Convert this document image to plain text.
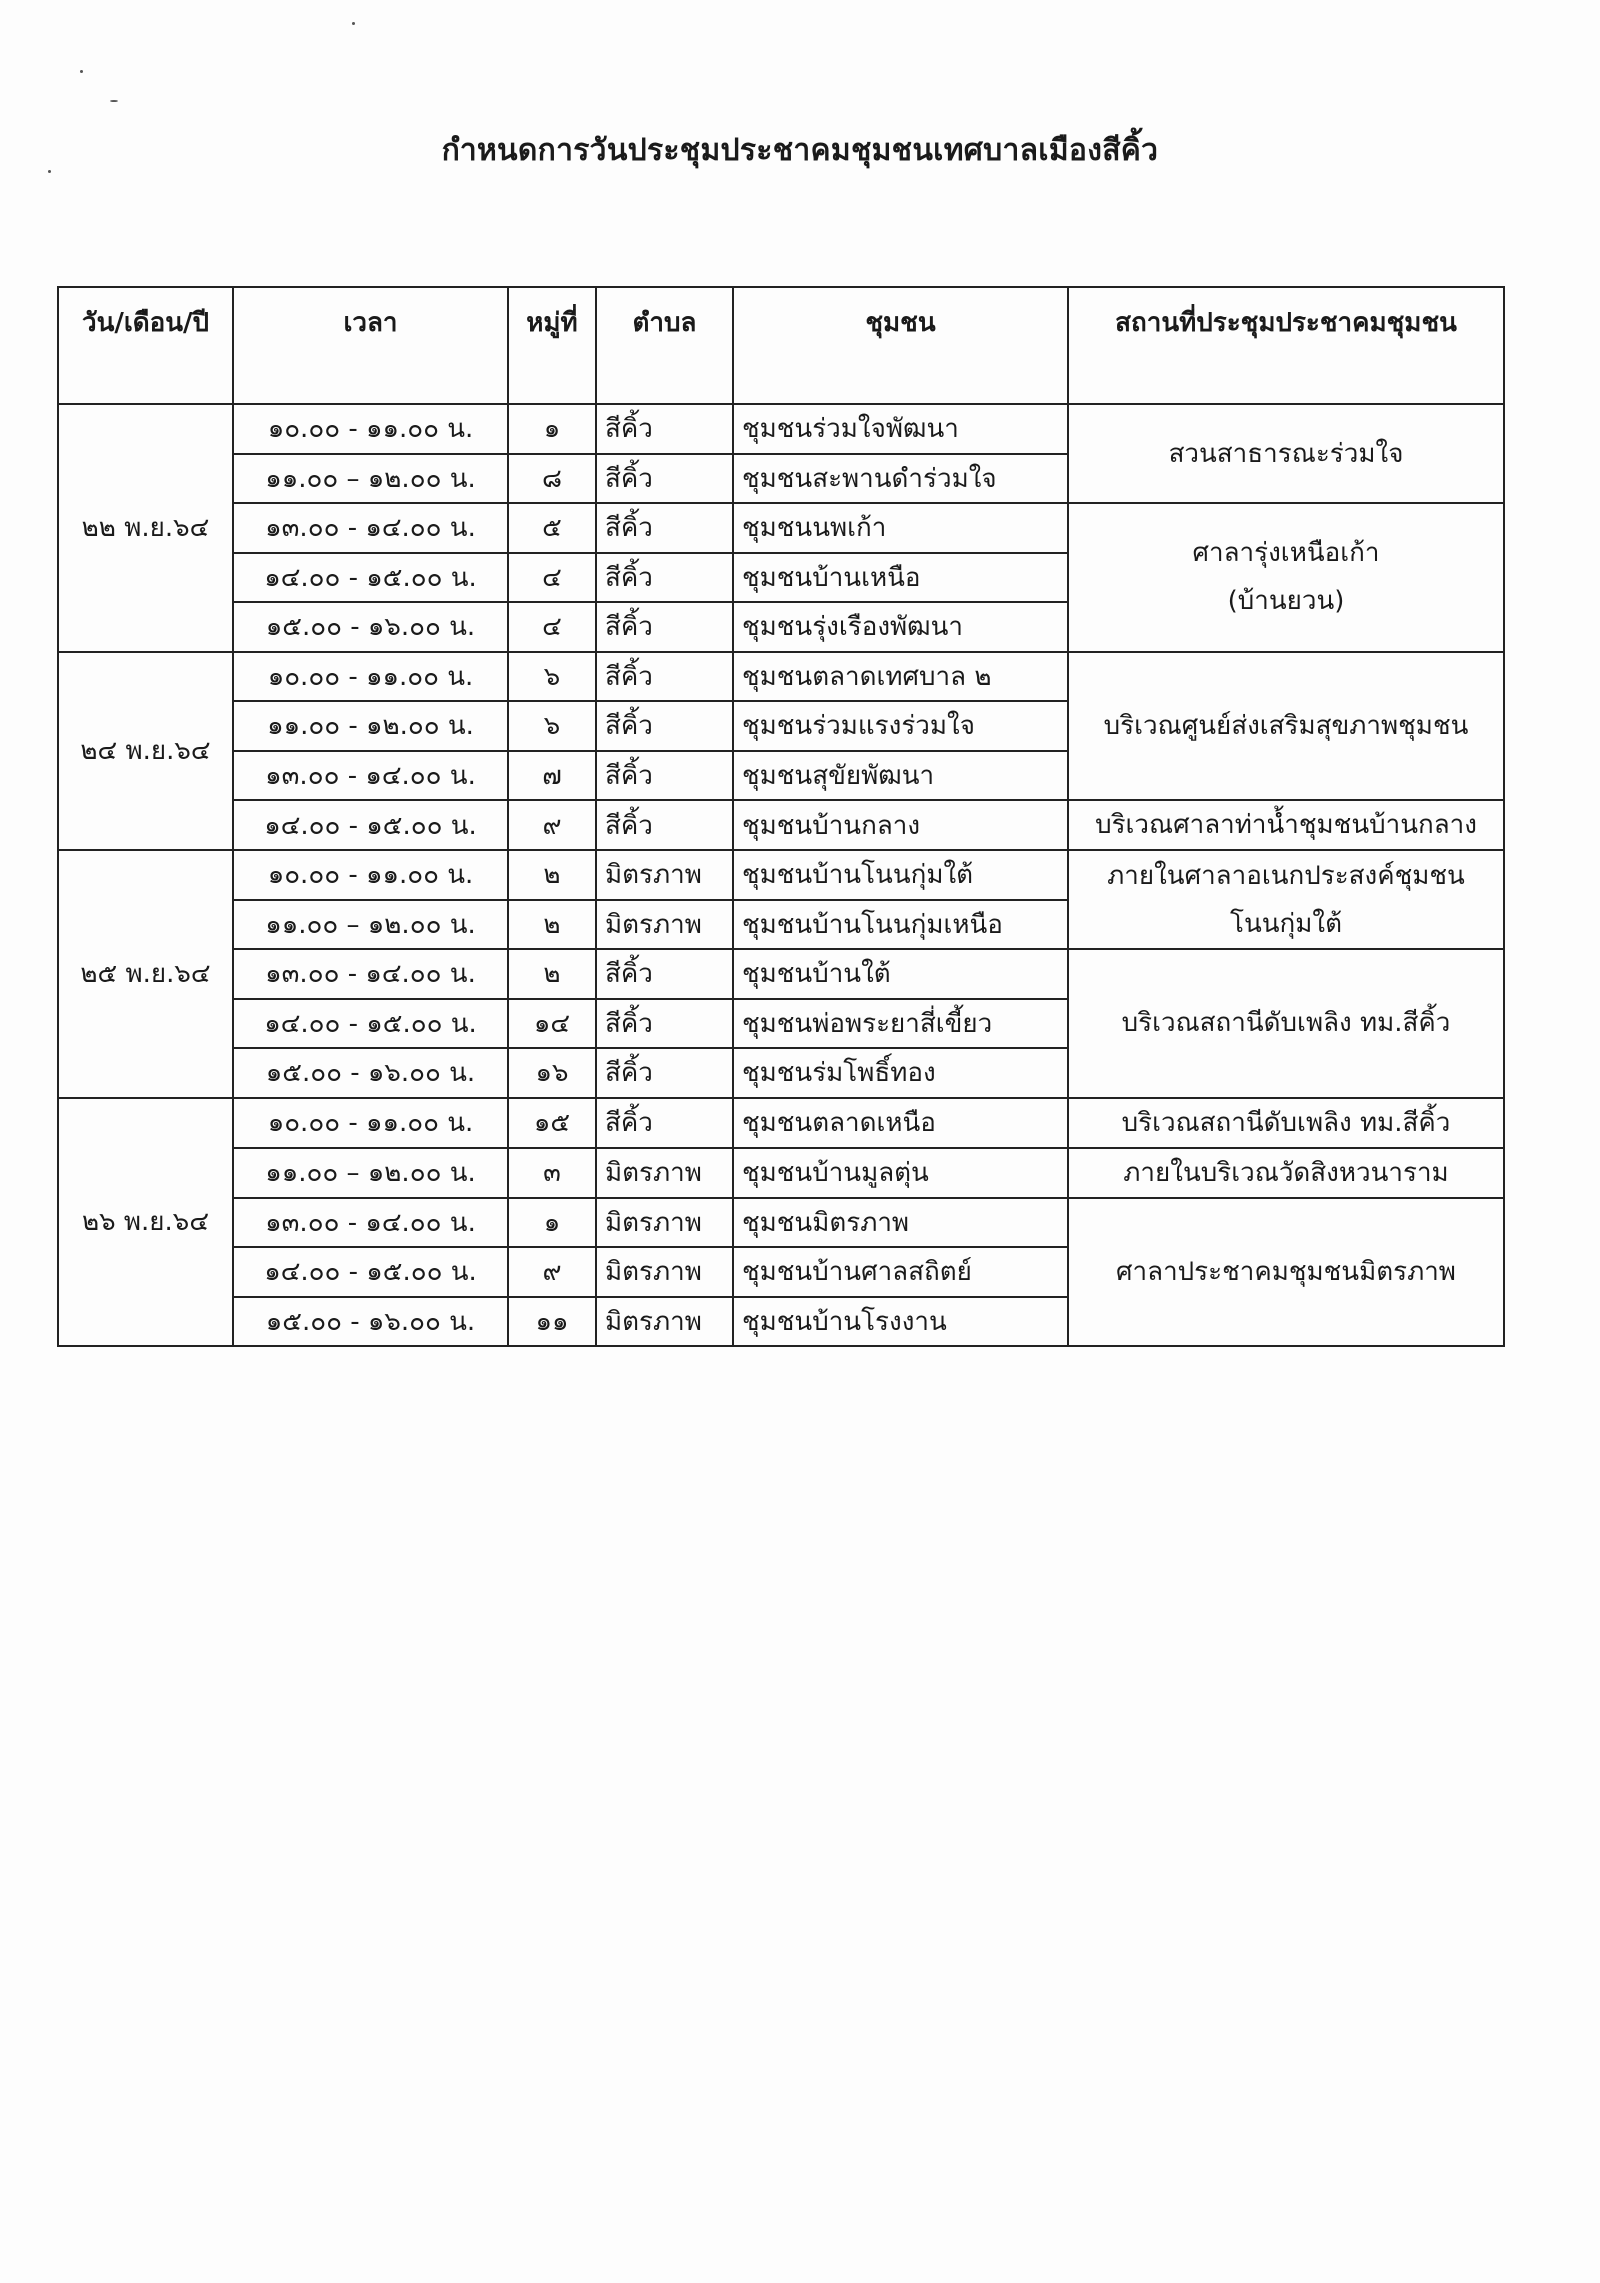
กำหนดการวันประชุมประชาคมชุมชนเทศบาลเมืองสีคิ้ว
วัน/เดือน/ปี	เวลา	หมู่ที่	ตำบล	ชุมชน	สถานที่ประชุมประชาคมชุมชน
๒๒ พ.ย.๖๔	๑๐.๐๐ - ๑๑.๐๐ น.	๑	สีคิ้ว	ชุมชนร่วมใจพัฒนา	สวนสาธารณะร่วมใจ

	๑๑.๐๐ – ๑๒.๐๐ น.	๘	สีคิ้ว	ชุมชนสะพานดำร่วมใจ	
	๑๓.๐๐ - ๑๔.๐๐ น.	๕	สีคิ้ว	ชุมชนนพเก้า	ศาลารุ่งเหนือเก้า
(บ้านยวน)

	๑๔.๐๐ - ๑๕.๐๐ น.	๔	สีคิ้ว	ชุมชนบ้านเหนือ	
	๑๕.๐๐ - ๑๖.๐๐ น.	๔	สีคิ้ว	ชุมชนรุ่งเรืองพัฒนา	
๒๔ พ.ย.๖๔	๑๐.๐๐ - ๑๑.๐๐ น.	๖	สีคิ้ว	ชุมชนตลาดเทศบาล ๒	บริเวณศูนย์ส่งเสริมสุขภาพชุมชน

	๑๑.๐๐ - ๑๒.๐๐ น.	๖	สีคิ้ว	ชุมชนร่วมแรงร่วมใจ	
	๑๓.๐๐ - ๑๔.๐๐ น.	๗	สีคิ้ว	ชุมชนสุขัยพัฒนา	
	๑๔.๐๐ - ๑๕.๐๐ น.	๙	สีคิ้ว	ชุมชนบ้านกลาง	บริเวณศาลาท่าน้ำชุมชนบ้านกลาง

๒๕ พ.ย.๖๔	๑๐.๐๐ - ๑๑.๐๐ น.	๒	มิตรภาพ	ชุมชนบ้านโนนกุ่มใต้	ภายในศาลาอเนกประสงค์ชุมชน
โนนกุ่มใต้

	๑๑.๐๐ – ๑๒.๐๐ น.	๒	มิตรภาพ	ชุมชนบ้านโนนกุ่มเหนือ	
	๑๓.๐๐ - ๑๔.๐๐ น.	๒	สีคิ้ว	ชุมชนบ้านใต้	บริเวณสถานีดับเพลิง ทม.สีคิ้ว

	๑๔.๐๐ - ๑๕.๐๐ น.	๑๔	สีคิ้ว	ชุมชนพ่อพระยาสี่เขี้ยว	
	๑๕.๐๐ - ๑๖.๐๐ น.	๑๖	สีคิ้ว	ชุมชนร่มโพธิ์ทอง	
๒๖ พ.ย.๖๔	๑๐.๐๐ - ๑๑.๐๐ น.	๑๕	สีคิ้ว	ชุมชนตลาดเหนือ	บริเวณสถานีดับเพลิง ทม.สีคิ้ว

	๑๑.๐๐ – ๑๒.๐๐ น.	๓	มิตรภาพ	ชุมชนบ้านมูลตุ่น	ภายในบริเวณวัดสิงหวนาราม

	๑๓.๐๐ - ๑๔.๐๐ น.	๑	มิตรภาพ	ชุมชนมิตรภาพ	ศาลาประชาคมชุมชนมิตรภาพ

	๑๔.๐๐ - ๑๕.๐๐ น.	๙	มิตรภาพ	ชุมชนบ้านศาลสถิตย์	
	๑๕.๐๐ - ๑๖.๐๐ น.	๑๑	มิตรภาพ	ชุมชนบ้านโรงงาน	
